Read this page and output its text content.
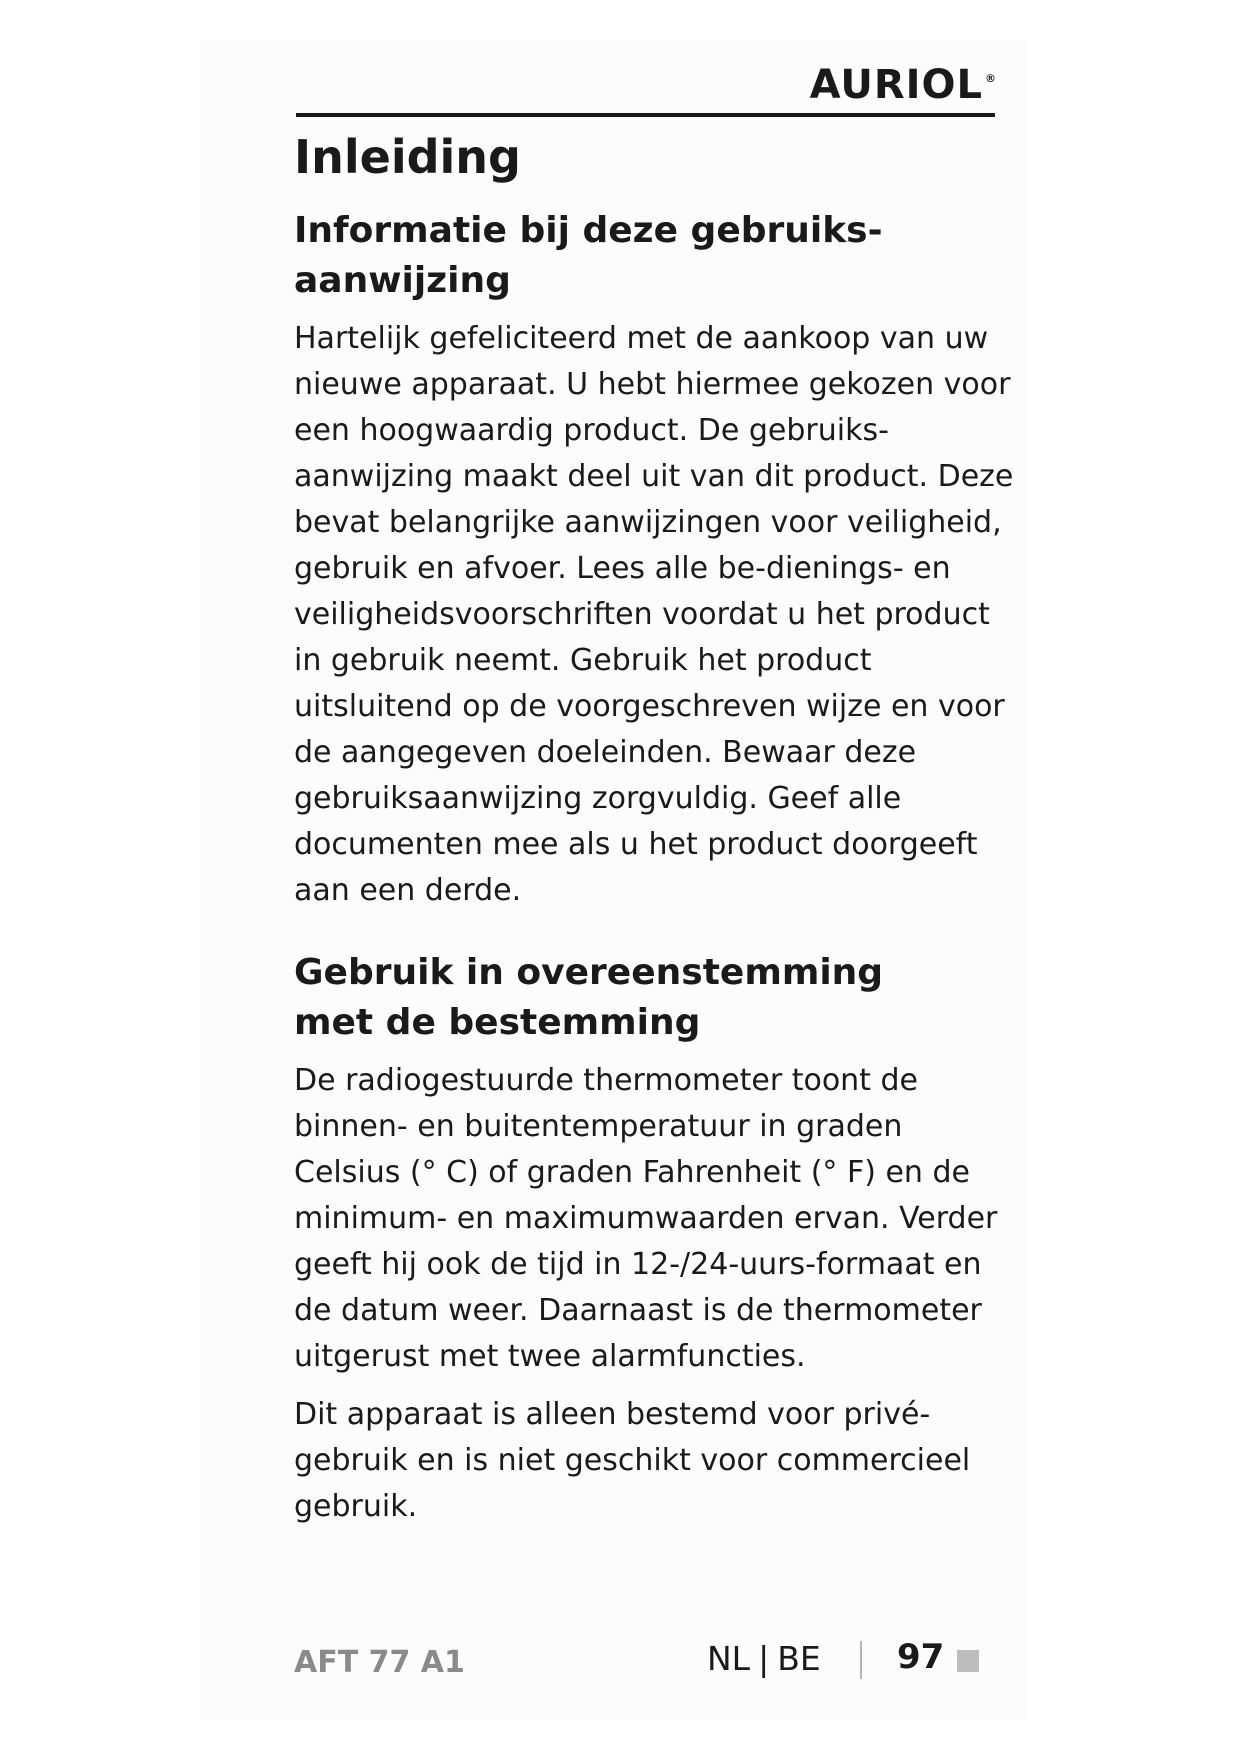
AURIOL ®
Inleiding
Informatie bij deze gebruiks-
aanwijzing

Hartelijk gefeliciteerd met de aankoop van uw nieuwe apparaat. U hebt hiermee gekozen voor een hoogwaardig product. De gebruiks-aanwijzing maakt deel uit van dit product. Deze bevat belangrijke aanwijzingen voor veiligheid, gebruik en afvoer. Lees alle be-dienings- en veiligheidsvoorschriften voordat u het product in gebruik neemt. Gebruik het product uitsluitend op de voorgeschreven wijze en voor de aangegeven doeleinden. Bewaar deze gebruiksaanwijzing zorgvuldig. Geef alle documenten mee als u het product doorgeeft aan een derde.

Gebruik in overeenstemming
met de bestemming

De radiogestuurde thermometer toont de binnen- en buitentemperatuur in graden Celsius (° C) of graden Fahrenheit (° F) en de minimum- en maximumwaarden ervan. Verder geeft hij ook de tijd in 12-/24-uurs-formaat en de datum weer. Daarnaast is de thermometer uitgerust met twee alarmfuncties.

Dit apparaat is alleen bestemd voor privé-gebruik en is niet geschikt voor commercieel gebruik.

AFT 77 A1	NL | BE 97
